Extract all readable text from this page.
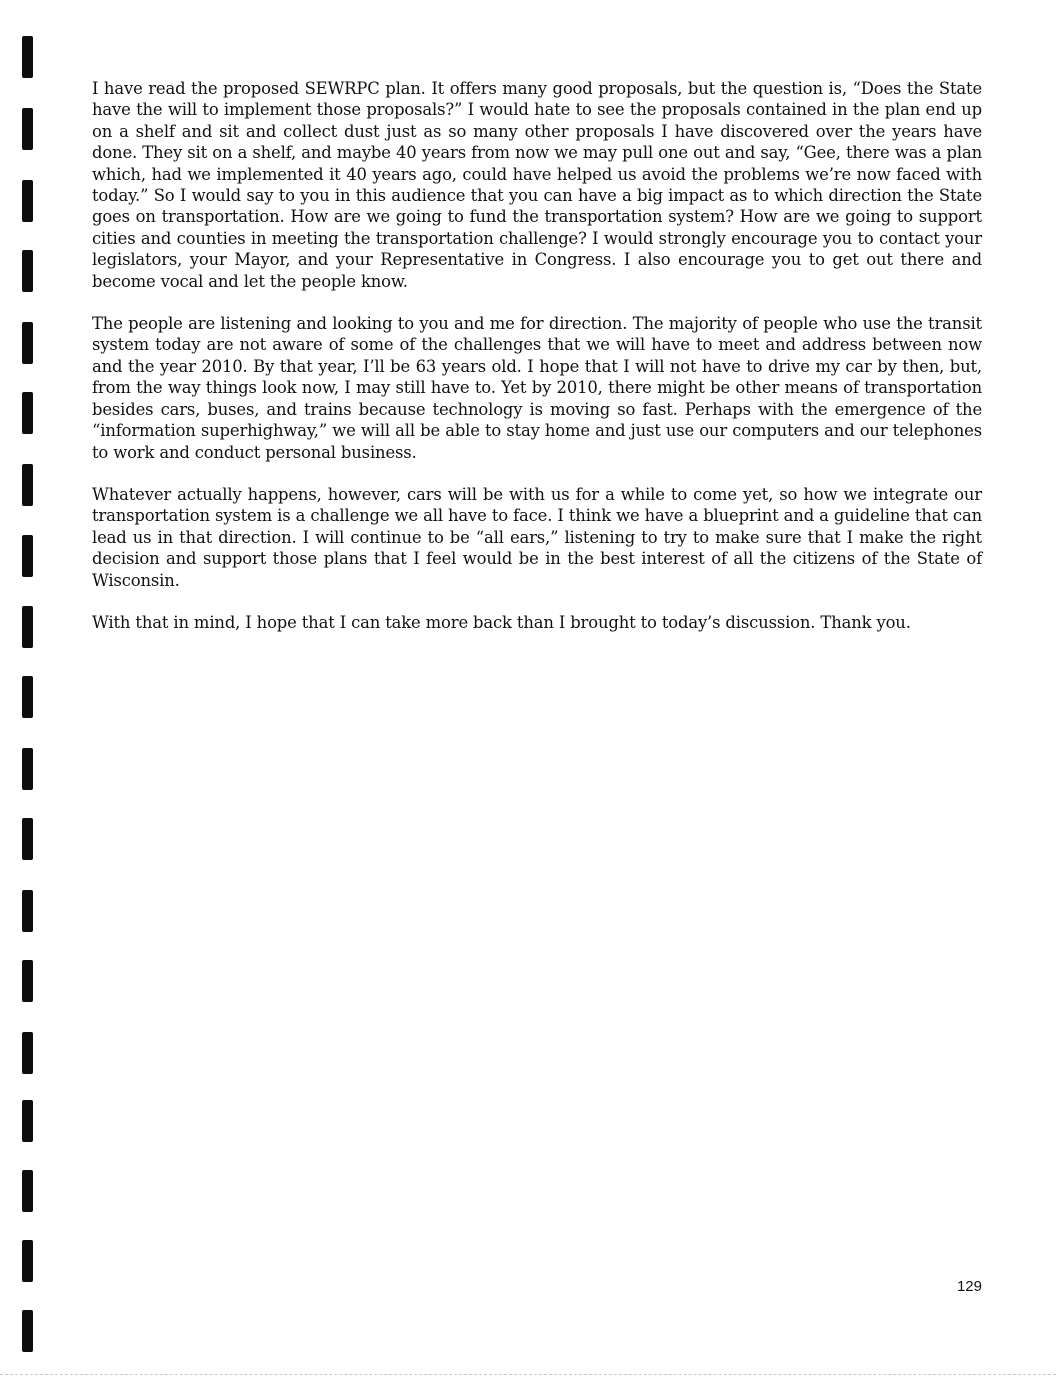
I have read the proposed SEWRPC plan. It offers many good proposals, but the question is, “Does the State have the will to implement those proposals?” I would hate to see the proposals contained in the plan end up on a shelf and sit and collect dust just as so many other proposals I have discovered over the years have done. They sit on a shelf, and maybe 40 years from now we may pull one out and say, “Gee, there was a plan which, had we implemented it 40 years ago, could have helped us avoid the problems we’re now faced with today.” So I would say to you in this audience that you can have a big impact as to which direction the State goes on transportation. How are we going to fund the transportation system? How are we going to support cities and counties in meeting the transportation challenge? I would strongly encourage you to contact your legislators, your Mayor, and your Representative in Congress. I also encourage you to get out there and become vocal and let the people know.

The people are listening and looking to you and me for direction. The majority of people who use the transit system today are not aware of some of the challenges that we will have to meet and address between now and the year 2010. By that year, I’ll be 63 years old. I hope that I will not have to drive my car by then, but, from the way things look now, I may still have to. Yet by 2010, there might be other means of transportation besides cars, buses, and trains because technology is moving so fast. Perhaps with the emergence of the “information superhighway,” we will all be able to stay home and just use our computers and our telephones to work and conduct personal business.

Whatever actually happens, however, cars will be with us for a while to come yet, so how we integrate our transportation system is a challenge we all have to face. I think we have a blueprint and a guideline that can lead us in that direction. I will continue to be “all ears,” listening to try to make sure that I make the right decision and support those plans that I feel would be in the best interest of all the citizens of the State of Wisconsin.

With that in mind, I hope that I can take more back than I brought to today’s discussion. Thank you.

129
